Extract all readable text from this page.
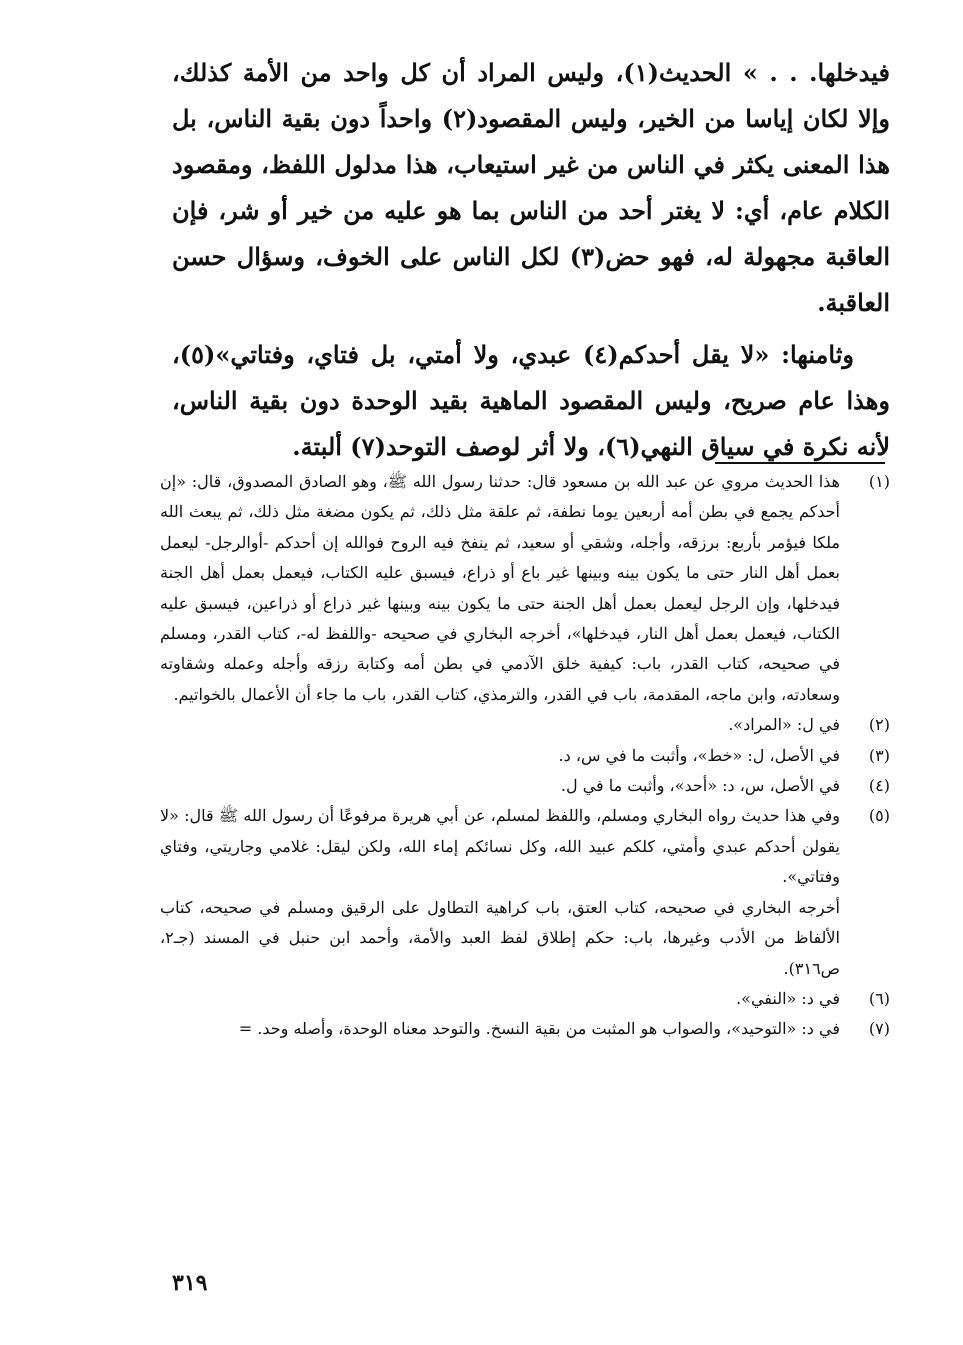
فيدخلها. . . » الحديث(١)، وليس المراد أن كل واحد من الأمة كذلك، وإلا لكان إياسا من الخير، وليس المقصود(٢) واحداً دون بقية الناس، بل هذا المعنى يكثر في الناس من غير استيعاب، هذا مدلول اللفظ، ومقصود الكلام عام، أي: لا يغتر أحد من الناس بما هو عليه من خير أو شر، فإن العاقبة مجهولة له، فهو حض(٣) لكل الناس على الخوف، وسؤال حسن العاقبة.

وثامنها: «لا يقل أحدكم(٤) عبدي، ولا أمتي، بل فتاي، وفتاتي»(٥)، وهذا عام صريح، وليس المقصود الماهية بقيد الوحدة دون بقية الناس، لأنه نكرة في سياق النهي(٦)، ولا أثر لوصف التوحد(٧) ألبتة.

(١)
هذا الحديث مروي عن عبد الله بن مسعود قال: حدثنا رسول الله ﷺ، وهو الصادق المصدوق، قال: «إن أحدكم يجمع في بطن أمه أربعين يوما نطفة، ثم علقة مثل ذلك، ثم يكون مضغة مثل ذلك، ثم يبعث الله ملكا فيؤمر بأربع: برزقه، وأجله، وشقي أو سعيد، ثم ينفخ فيه الروح فوالله إن أحدكم -أوالرجل- ليعمل بعمل أهل النار حتى ما يكون بينه وبينها غير باع أو ذراع، فيسبق عليه الكتاب، فيعمل بعمل أهل الجنة فيدخلها، وإن الرجل ليعمل بعمل أهل الجنة حتى ما يكون بينه وبينها غير ذراع أو ذراعين، فيسبق عليه الكتاب، فيعمل بعمل أهل النار، فيدخلها»، أخرجه البخاري في صحيحه -واللفظ له-، كتاب القدر، ومسلم في صحيحه، كتاب القدر، باب: كيفية خلق الآدمي في بطن أمه وكتابة رزقه وأجله وعمله وشقاوته وسعادته، وابن ماجه، المقدمة، باب في القدر، والترمذي، كتاب القدر، باب ما جاء أن الأعمال بالخواتيم.
(٢)
في ل: «المراد».
(٣)
في الأصل، ل: «خط»، وأثبت ما في س، د.
(٤)
في الأصل، س، د: «أحد»، وأثبت ما في ل.
(٥)
وفي هذا حديث رواه البخاري ومسلم، واللفظ لمسلم، عن أبي هريرة مرفوعًا أن رسول الله ﷺ قال: «لا يقولن أحدكم عبدي وأمتي، كلكم عبيد الله، وكل نسائكم إماء الله، ولكن ليقل: غلامي وجاريتي، وفتاي وفتاتي».
أخرجه البخاري في صحيحه، كتاب العتق، باب كراهية التطاول على الرقيق ومسلم في صحيحه، كتاب الألفاظ من الأدب وغيرها، باب: حكم إطلاق لفظ العبد والأمة، وأحمد ابن حنبل في المسند (جـ٢، ص٣١٦).
(٦)
في د: «النفي».
(٧)
في د: «التوحيد»، والصواب هو المثبت من بقية النسخ. والتوحد معناه الوحدة، وأصله وحد. =
٣١٩
